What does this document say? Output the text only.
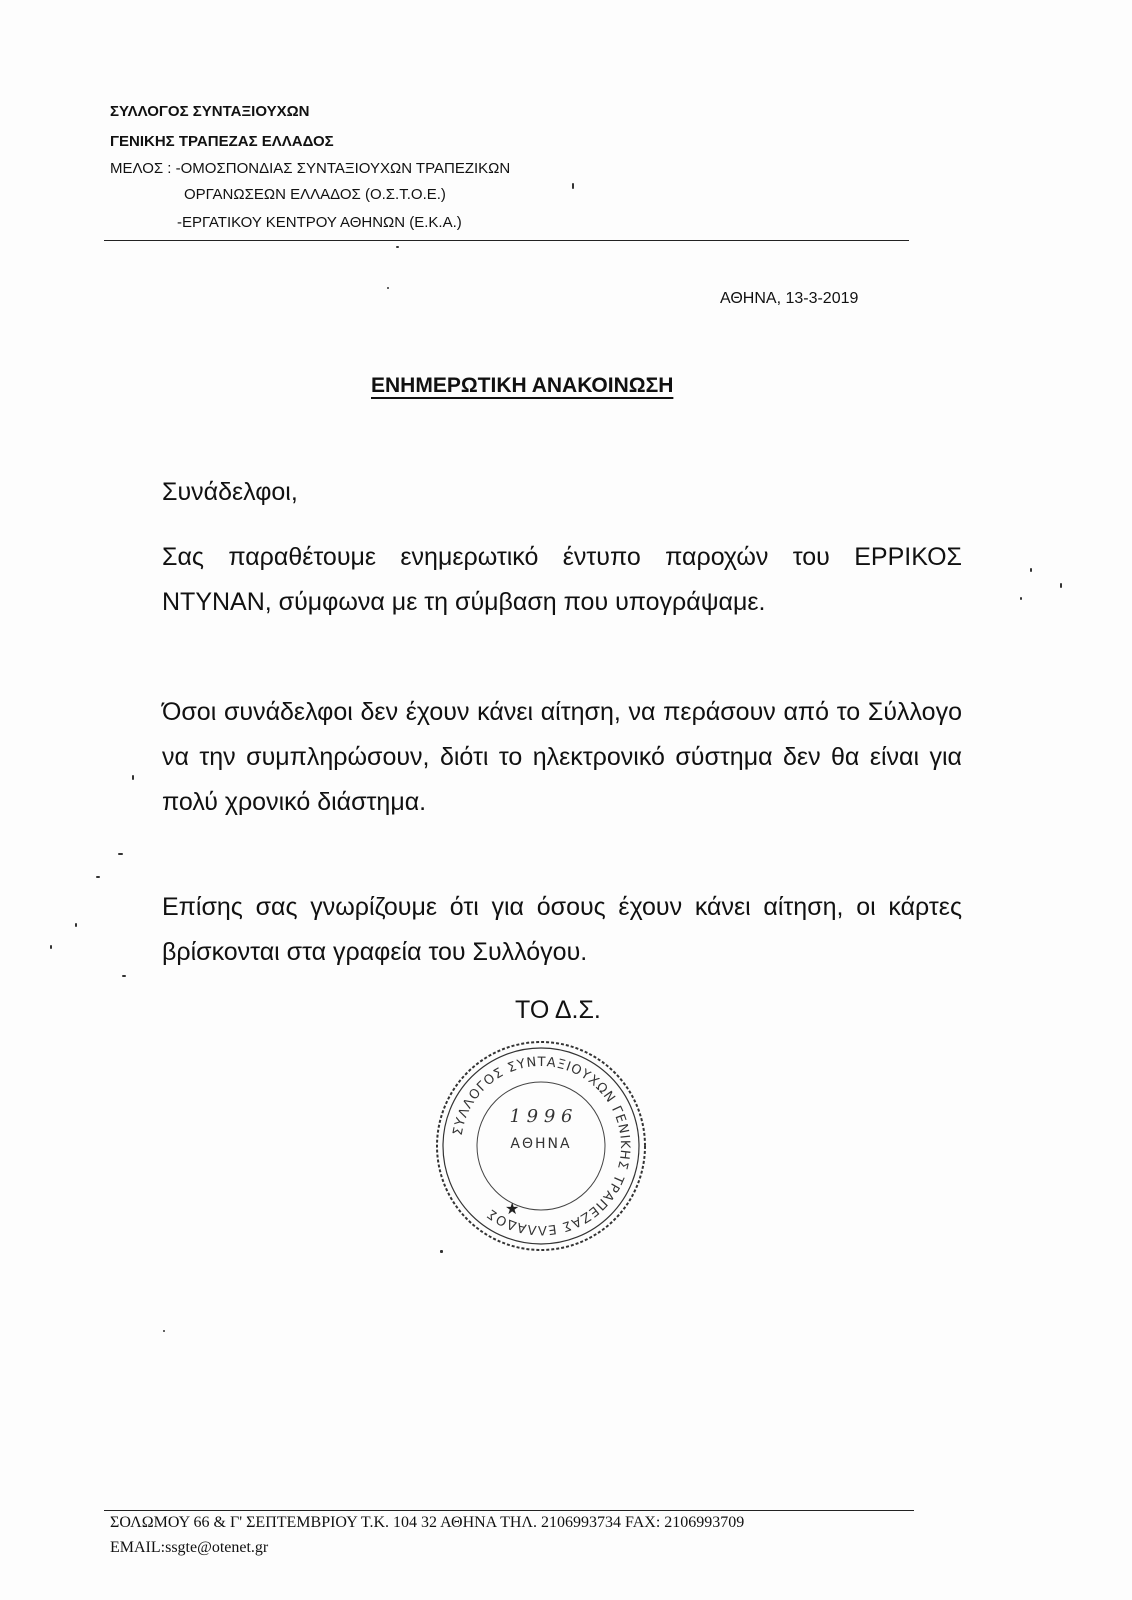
ΣΥΛΛΟΓΟΣ ΣΥΝΤΑΞΙΟΥΧΩΝ
ΓΕΝΙΚΗΣ ΤΡΑΠΕΖΑΣ ΕΛΛΑΔΟΣ
ΜΕΛΟΣ : -ΟΜΟΣΠΟΝΔΙΑΣ ΣΥΝΤΑΞΙΟΥΧΩΝ ΤΡΑΠΕΖΙΚΩΝ
ΟΡΓΑΝΩΣΕΩΝ ΕΛΛΑΔΟΣ (Ο.Σ.Τ.Ο.Ε.)
-ΕΡΓΑΤΙΚΟΥ ΚΕΝΤΡΟΥ ΑΘΗΝΩΝ (Ε.Κ.Α.)
ΑΘΗΝΑ, 13-3-2019
ΕΝΗΜΕΡΩΤΙΚΗ ΑΝΑΚΟΙΝΩΣΗ
Συνάδελφοι,
Σας παραθέτουμε ενημερωτικό έντυπο παροχών του ΕΡΡΙΚΟΣ ΝΤΥΝΑΝ, σύμφωνα με τη σύμβαση που υπογράψαμε.
Όσοι συνάδελφοι δεν έχουν κάνει αίτηση, να περάσουν από το Σύλλογο να την συμπληρώσουν, διότι το ηλεκτρονικό σύστημα δεν θα είναι για πολύ χρονικό διάστημα.
Επίσης σας γνωρίζουμε ότι για όσους έχουν κάνει αίτηση, οι κάρτες βρίσκονται στα γραφεία του Συλλόγου.
ΤΟ Δ.Σ.
ΣΥΛΛΟΓΟΣ ΣΥΝΤΑΞΙΟΥΧΩΝ ΓΕΝΙΚΗΣ ΤΡΑΠΕΖΑΣ ΕΛΛΑΔΟΣ
1 9 9 6
ΑΘΗΝΑ
★
ΣΟΛΩΜΟΥ 66 & Γ' ΣΕΠΤΕΜΒΡΙΟΥ Τ.Κ. 104 32 ΑΘΗΝΑ ΤΗΛ. 2106993734 FAX: 2106993709
EMAIL:ssgte@otenet.gr
